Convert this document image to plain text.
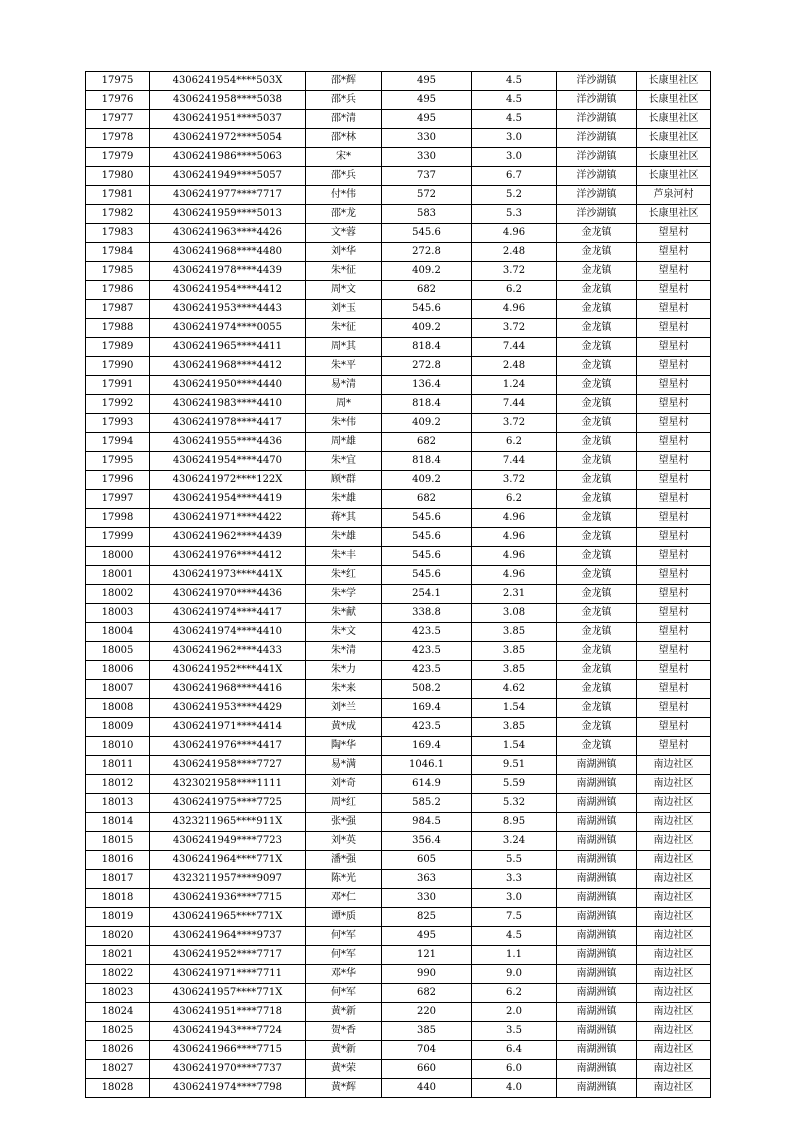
17975	4306241954****503X	邵*辉	495	4.5	洋沙湖镇	长康里社区
17976	4306241958****5038	邵*兵	495	4.5	洋沙湖镇	长康里社区
17977	4306241951****5037	邵*清	495	4.5	洋沙湖镇	长康里社区
17978	4306241972****5054	邵*林	330	3.0	洋沙湖镇	长康里社区
17979	4306241986****5063	宋*	330	3.0	洋沙湖镇	长康里社区
17980	4306241949****5057	邵*兵	737	6.7	洋沙湖镇	长康里社区
17981	4306241977****7717	付*伟	572	5.2	洋沙湖镇	芦泉河村
17982	4306241959****5013	邵*龙	583	5.3	洋沙湖镇	长康里社区
17983	4306241963****4426	文*蓉	545.6	4.96	金龙镇	望星村
17984	4306241968****4480	刘*华	272.8	2.48	金龙镇	望星村
17985	4306241978****4439	朱*征	409.2	3.72	金龙镇	望星村
17986	4306241954****4412	周*文	682	6.2	金龙镇	望星村
17987	4306241953****4443	刘*玉	545.6	4.96	金龙镇	望星村
17988	4306241974****0055	朱*征	409.2	3.72	金龙镇	望星村
17989	4306241965****4411	周*其	818.4	7.44	金龙镇	望星村
17990	4306241968****4412	朱*平	272.8	2.48	金龙镇	望星村
17991	4306241950****4440	易*清	136.4	1.24	金龙镇	望星村
17992	4306241983****4410	周*	818.4	7.44	金龙镇	望星村
17993	4306241978****4417	朱*伟	409.2	3.72	金龙镇	望星村
17994	4306241955****4436	周*雄	682	6.2	金龙镇	望星村
17995	4306241954****4470	朱*宜	818.4	7.44	金龙镇	望星村
17996	4306241972****122X	顾*群	409.2	3.72	金龙镇	望星村
17997	4306241954****4419	朱*雄	682	6.2	金龙镇	望星村
17998	4306241971****4422	蒋*其	545.6	4.96	金龙镇	望星村
17999	4306241962****4439	朱*雄	545.6	4.96	金龙镇	望星村
18000	4306241976****4412	朱*丰	545.6	4.96	金龙镇	望星村
18001	4306241973****441X	朱*红	545.6	4.96	金龙镇	望星村
18002	4306241970****4436	朱*学	254.1	2.31	金龙镇	望星村
18003	4306241974****4417	朱*献	338.8	3.08	金龙镇	望星村
18004	4306241974****4410	朱*文	423.5	3.85	金龙镇	望星村
18005	4306241962****4433	朱*清	423.5	3.85	金龙镇	望星村
18006	4306241952****441X	朱*力	423.5	3.85	金龙镇	望星村
18007	4306241968****4416	朱*来	508.2	4.62	金龙镇	望星村
18008	4306241953****4429	刘*兰	169.4	1.54	金龙镇	望星村
18009	4306241971****4414	黄*成	423.5	3.85	金龙镇	望星村
18010	4306241976****4417	陶*华	169.4	1.54	金龙镇	望星村
18011	4306241958****7727	易*满	1046.1	9.51	南湖洲镇	南边社区
18012	4323021958****1111	刘*奇	614.9	5.59	南湖洲镇	南边社区
18013	4306241975****7725	周*红	585.2	5.32	南湖洲镇	南边社区
18014	4323211965****911X	张*强	984.5	8.95	南湖洲镇	南边社区
18015	4306241949****7723	刘*英	356.4	3.24	南湖洲镇	南边社区
18016	4306241964****771X	潘*强	605	5.5	南湖洲镇	南边社区
18017	4323211957****9097	陈*光	363	3.3	南湖洲镇	南边社区
18018	4306241936****7715	邓*仁	330	3.0	南湖洲镇	南边社区
18019	4306241965****771X	谭*质	825	7.5	南湖洲镇	南边社区
18020	4306241964****9737	何*军	495	4.5	南湖洲镇	南边社区
18021	4306241952****7717	何*军	121	1.1	南湖洲镇	南边社区
18022	4306241971****7711	邓*华	990	9.0	南湖洲镇	南边社区
18023	4306241957****771X	何*军	682	6.2	南湖洲镇	南边社区
18024	4306241951****7718	黄*新	220	2.0	南湖洲镇	南边社区
18025	4306241943****7724	贺*香	385	3.5	南湖洲镇	南边社区
18026	4306241966****7715	黄*新	704	6.4	南湖洲镇	南边社区
18027	4306241970****7737	黄*荣	660	6.0	南湖洲镇	南边社区
18028	4306241974****7798	黄*辉	440	4.0	南湖洲镇	南边社区
